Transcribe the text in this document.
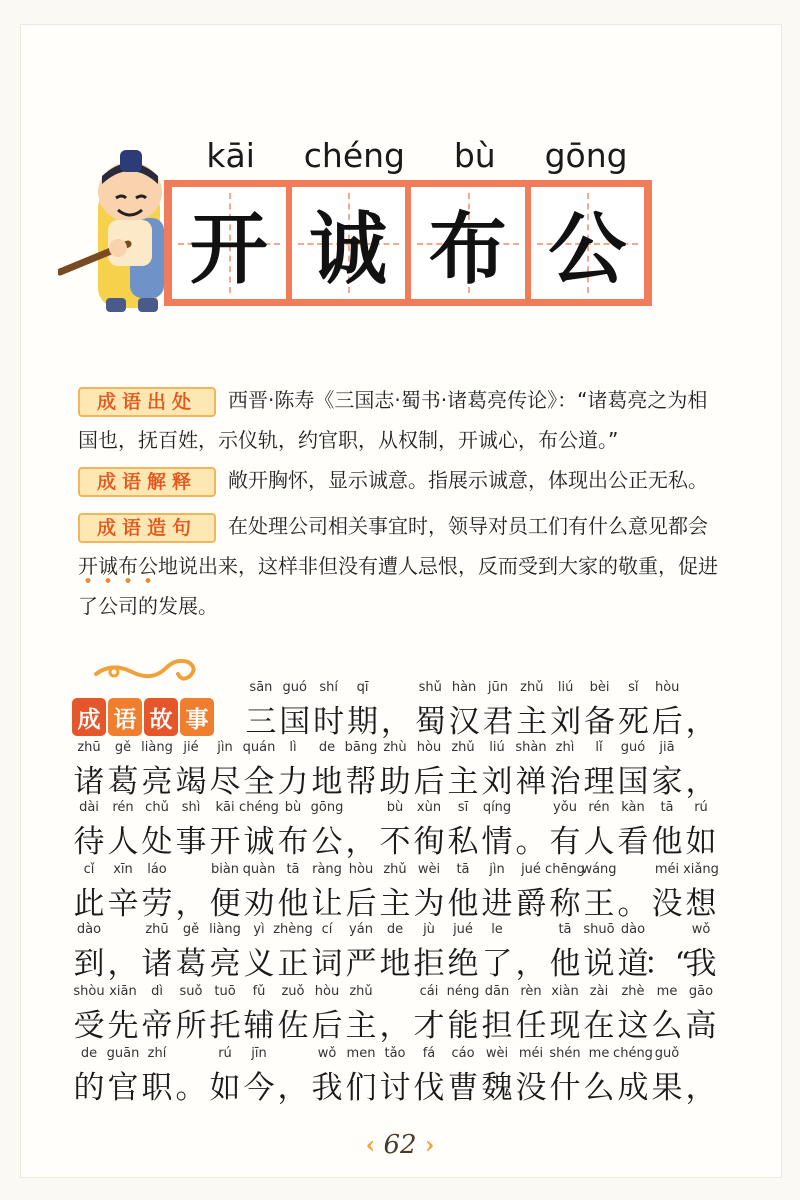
kāi chéng bù gōng
开 诚 布 公
成语出处 西晋·陈寿《三国志·蜀书·诸葛亮传论》：“诸葛亮之为相国也，抚百姓，示仪轨，约官职，从权制，开诚心，布公道。”
成语解释 敞开胸怀，显示诚意。指展示诚意，体现出公正无私。
成语造句 在处理公司相关事宜时，领导对员工们有什么意见都会开诚布公地说出来，这样非但没有遭人忌恨，反而受到大家的敬重，促进了公司的发展。
成 语 故 事 三
sān
国
guó
时
shí
期
qī
， 蜀
shǔ
汉
hàn
君
jūn
主
zhǔ
刘
liú
备
bèi
死
sǐ
后
hòu
，
诸
zhū
葛
gě
亮
liàng
竭
jié
尽
jìn
全
quán
力
lì
地
de
帮
bāng
助
zhù
后
hòu
主
zhǔ
刘
liú
禅
shàn
治
zhì
理
lǐ
国
guó
家
jiā
，
待
dài
人
rén
处
chǔ
事
shì
开
kāi
诚
chéng
布
bù
公
gōng
， 不
bù
徇
xùn
私
sī
情
qíng
。 有
yǒu
人
rén
看
kàn
他
tā
如
rú
此
cǐ
辛
xīn
劳
láo
， 便
biàn
劝
quàn
他
tā
让
ràng
后
hòu
主
zhǔ
为
wèi
他
tā
进
jìn
爵
jué
称
chēng
王
wáng
。 没
méi
想
xiǎng
到
dào
， 诸
zhū
葛
gě
亮
liàng
义
yì
正
zhèng
词
cí
严
yán
地
de
拒
jù
绝
jué
了
le
， 他
tā
说
shuō
道
dào
：“
我
wǒ
受
shòu
先
xiān
帝
dì
所
suǒ
托
tuō
辅
fǔ
佐
zuǒ
后
hòu
主
zhǔ
， 才
cái
能
néng
担
dān
任
rèn
现
xiàn
在
zài
这
zhè
么
me
高
gāo
的
de
官
guān
职
zhí
。 如
rú
今
jīn
， 我
wǒ
们
men
讨
tǎo
伐
fá
曹
cáo
魏
wèi
没
méi
什
shén
么
me
成
chéng
果
guǒ
，
‹ 62 ›
